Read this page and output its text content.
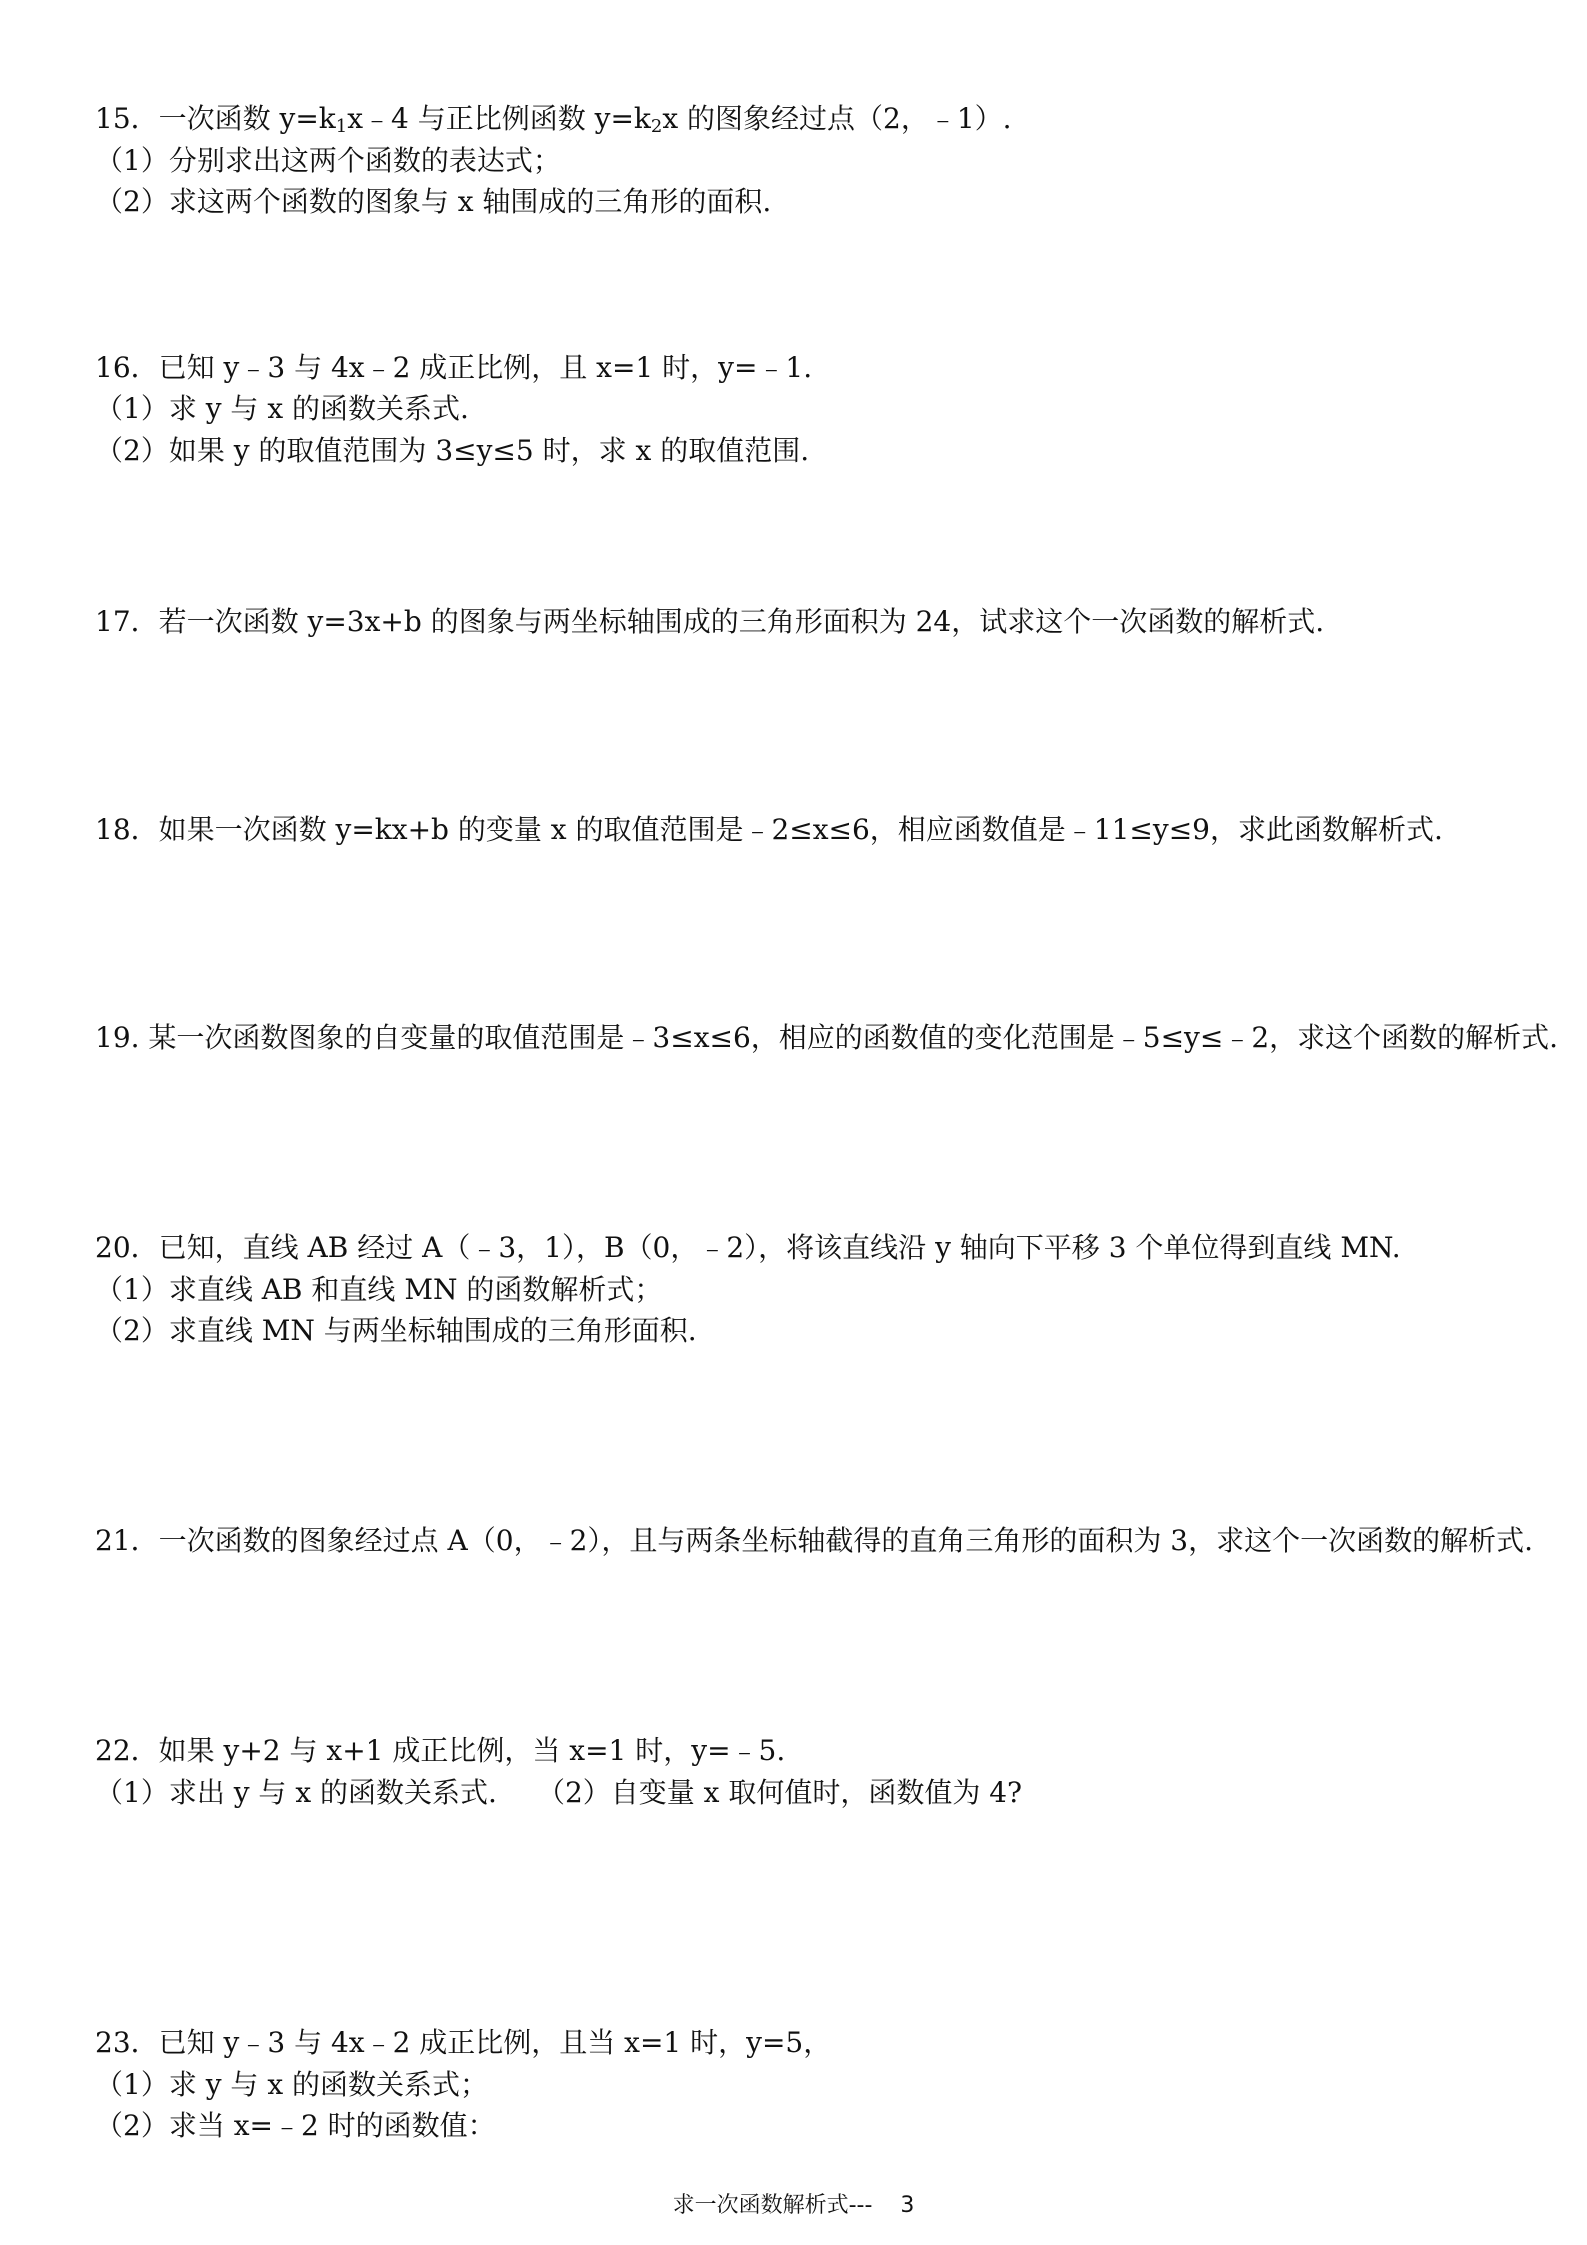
15．一次函数 $y=k_1x﹣4$ 与正比例函数 $y=k_2x$ 的图象经过点（2，﹣1）.
（1）分别求出这两个函数的表达式；
（2）求这两个函数的图象与 x 轴围成的三角形的面积.
16．已知 y﹣3 与 4x﹣2 成正比例，且 x=1 时，y=﹣1.
（1）求 y 与 x 的函数关系式.
（2）如果 y 的取值范围为 3≤y≤5 时，求 x 的取值范围.
17．若一次函数 y=3x+b 的图象与两坐标轴围成的三角形面积为 24，试求这个一次函数的解析式.
18．如果一次函数 y=kx+b 的变量 x 的取值范围是﹣2≤x≤6，相应函数值是﹣11≤y≤9，求此函数解析式.
19. 某一次函数图象的自变量的取值范围是﹣3≤x≤6，相应的函数值的变化范围是﹣5≤y≤﹣2，求这个函数的解析式.
20．已知，直线 AB 经过 A（﹣3，1），B（0，﹣2），将该直线沿 y 轴向下平移 3 个单位得到直线 MN.
（1）求直线 AB 和直线 MN 的函数解析式；
（2）求直线 MN 与两坐标轴围成的三角形面积.
21．一次函数的图象经过点 A（0，﹣2），且与两条坐标轴截得的直角三角形的面积为 3，求这个一次函数的解析式.
22．如果 y+2 与 x+1 成正比例，当 x=1 时，y=﹣5.
（1）求出 y 与 x 的函数关系式. （2）自变量 x 取何值时，函数值为 4?
23．已知 y﹣3 与 4x﹣2 成正比例，且当 x=1 时，y=5，
（1）求 y 与 x 的函数关系式；
（2）求当 x=﹣2 时的函数值：
求一次函数解析式--- 3
